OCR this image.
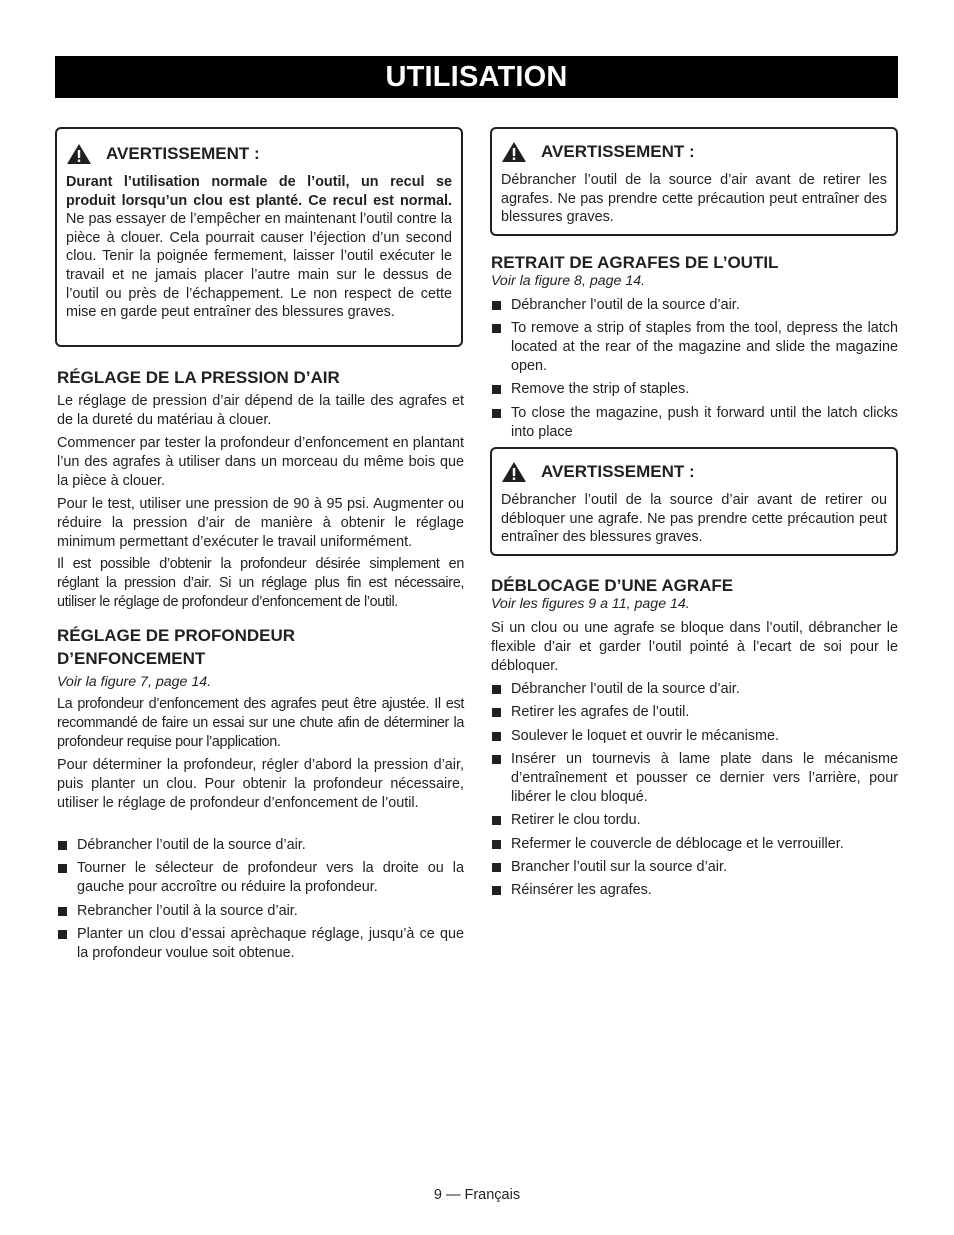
UTILISATION
AVERTISSEMENT :
Durant l’utilisation normale de l’outil, un recul se produit lorsqu’un clou est planté. Ce recul est normal. Ne pas essayer de l’empêcher en maintenant l’outil contre la pièce à clouer. Cela pourrait causer l’éjection d’un second clou. Tenir la poignée fermement, laisser l’outil exécuter le travail et ne jamais placer l’autre main sur le dessus de l’outil ou près de l’échappement. Le non respect de cette mise en garde peut entraîner des blessures graves.
RÉGLAGE DE LA PRESSION D’AIR
Le réglage de pression d’air dépend de la taille des agrafes et de la dureté du matériau à clouer.
Commencer par tester la profondeur d’enfoncement en plantant l’un des agrafes à utiliser dans un morceau du même bois que la pièce à clouer.
Pour le test, utiliser une pression de 90 à 95 psi. Augmenter ou réduire la pression d’air de manière à obtenir le réglage minimum permettant d’exécuter le travail uniformément.
Il est possible d’obtenir la profondeur désirée simplement en réglant la pression d’air. Si un réglage plus fin est nécessaire, utiliser le réglage de profondeur d’enfoncement de l’outil.
RÉGLAGE DE PROFONDEUR D’ENFONCEMENT
Voir la figure 7, page 14.
La profondeur d’enfoncement des agrafes peut être ajustée. Il est recommandé de faire un essai sur une chute afin de déterminer la profondeur requise pour l’application.
Pour déterminer la profondeur, régler d’abord la pression d’air, puis planter un clou. Pour obtenir la profondeur nécessaire, utiliser le réglage de profondeur d’enfoncement de l’outil.
Débrancher l’outil de la source d’air.
Tourner le sélecteur de profondeur vers la droite ou la gauche pour accroître ou réduire la profondeur.
Rebrancher l’outil à la source d’air.
Planter un clou d’essai aprèchaque réglage, jusqu’à ce que la profondeur voulue soit obtenue.
AVERTISSEMENT :
Débrancher l’outil de la source d’air avant de retirer les agrafes. Ne pas prendre cette précaution peut entraîner des blessures graves.
RETRAIT DE AGRAFES DE L’OUTIL
Voir la figure 8, page 14.
Débrancher l’outil de la source d’air.
To remove a strip of staples from the tool, depress the latch located at the rear of the magazine and slide the magazine open.
Remove the strip of staples.
To close the magazine, push it forward until the latch clicks into place
AVERTISSEMENT :
Débrancher l’outil de la source d’air avant de retirer ou débloquer une agrafe. Ne pas prendre cette précaution peut entraîner des blessures graves.
DÉBLOCAGE D’UNE AGRAFE
Voir les figures 9 a 11, page 14.
Si un clou ou une agrafe se bloque dans l’outil, débrancher le flexible d’air et garder l’outil pointé à l’ecart de soi pour le débloquer.
Débrancher l’outil de la source d’air.
Retirer les agrafes de l’outil.
Soulever le loquet et ouvrir le mécanisme.
Insérer un tournevis à lame plate dans le mécanisme d’entraînement et pousser ce dernier vers l’arrière, pour libérer le clou bloqué.
Retirer le clou tordu.
Refermer le couvercle de déblocage et le verrouiller.
Brancher l’outil sur la source d’air.
Réinsérer les agrafes.
9 — Français
